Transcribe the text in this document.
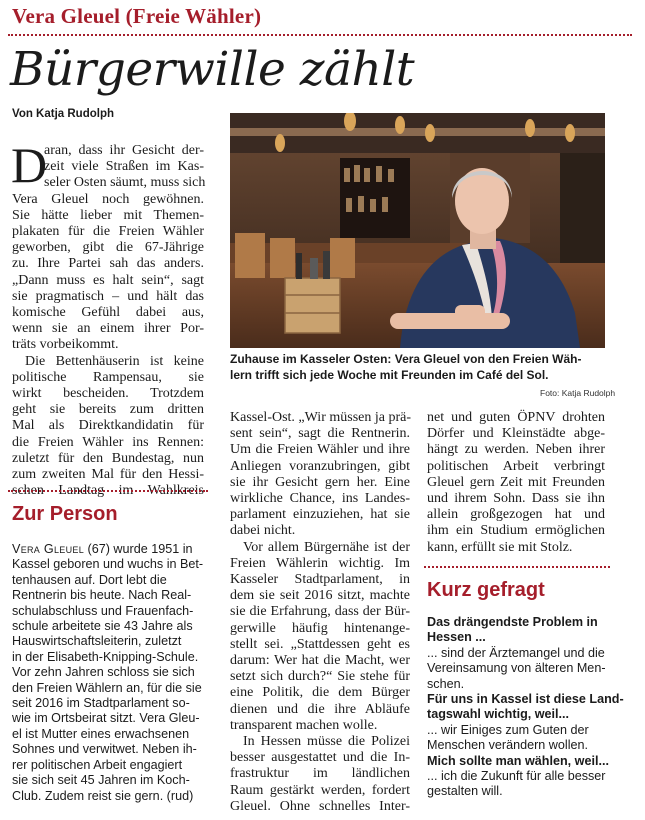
Vera Gleuel (Freie Wähler)
Bürgerwille zählt
Von Katja Rudolph
Zuhause im Kasseler Osten: Vera Gleuel von den Freien Wäh-
lern trifft sich jede Woche mit Freunden im Café del Sol.
Foto: Katja Rudolph
D
aran, dass ihr Gesicht der-
zeit viele Straßen im Kas-
seler Osten säumt, muss sich
Vera Gleuel noch gewöhnen.
Sie hätte lieber mit Themen-
plakaten für die Freien Wähler
geworben, gibt die 67-Jährige
zu. Ihre Partei sah das anders.
„Dann muss es halt sein“, sagt
sie pragmatisch – und hält das
komische Gefühl dabei aus,
wenn sie an einem ihrer Por-
träts vorbeikommt.
Die Bettenhäuserin ist keine
politische Rampensau, sie
wirkt bescheiden. Trotzdem
geht sie bereits zum dritten
Mal als Direktkandidatin für
die Freien Wähler ins Rennen:
zuletzt für den Bundestag, nun
zum zweiten Mal für den Hessi-
schen Landtag im Wahlkreis
Zur Person
Vera Gleuel (67) wurde 1951 in
Kassel geboren und wuchs in Bet-
tenhausen auf. Dort lebt die
Rentnerin bis heute. Nach Real-
schulabschluss und Frauenfach-
schule arbeitete sie 43 Jahre als
Hauswirtschaftsleiterin, zuletzt
in der Elisabeth-Knipping-Schule.
Vor zehn Jahren schloss sie sich
den Freien Wählern an, für die sie
seit 2016 im Stadtparlament so-
wie im Ortsbeirat sitzt. Vera Gleu-
el ist Mutter eines erwachsenen
Sohnes und verwitwet. Neben ih-
rer politischen Arbeit engagiert
sie sich seit 45 Jahren im Koch-
Club. Zudem reist sie gern. (rud)
Kassel-Ost. „Wir müssen ja prä-
sent sein“, sagt die Rentnerin.
Um die Freien Wähler und ihre
Anliegen voranzubringen, gibt
sie ihr Gesicht gern her. Eine
wirkliche Chance, ins Landes-
parlament einzuziehen, hat sie
dabei nicht.
Vor allem Bürgernähe ist der
Freien Wählerin wichtig. Im
Kasseler Stadtparlament, in
dem sie seit 2016 sitzt, machte
sie die Erfahrung, dass der Bür-
gerwille häufig hintenange-
stellt sei. „Stattdessen geht es
darum: Wer hat die Macht, wer
setzt sich durch?“ Sie stehe für
eine Politik, die dem Bürger
dienen und die ihre Abläufe
transparent machen wolle.
In Hessen müsse die Polizei
besser ausgestattet und die In-
frastruktur im ländlichen
Raum gestärkt werden, fordert
Gleuel. Ohne schnelles Inter-
net und guten ÖPNV drohten
Dörfer und Kleinstädte abge-
hängt zu werden. Neben ihrer
politischen Arbeit verbringt
Gleuel gern Zeit mit Freunden
und ihrem Sohn. Dass sie ihn
allein großgezogen hat und
ihm ein Studium ermöglichen
kann, erfüllt sie mit Stolz.
Kurz gefragt
Das drängendste Problem in
Hessen ...
... sind der Ärztemangel und die
Vereinsamung von älteren Men-
schen.
Für uns in Kassel ist diese Land-
tagswahl wichtig, weil...
... wir Einiges zum Guten der
Menschen verändern wollen.
Mich sollte man wählen, weil...
... ich die Zukunft für alle besser
gestalten will.
